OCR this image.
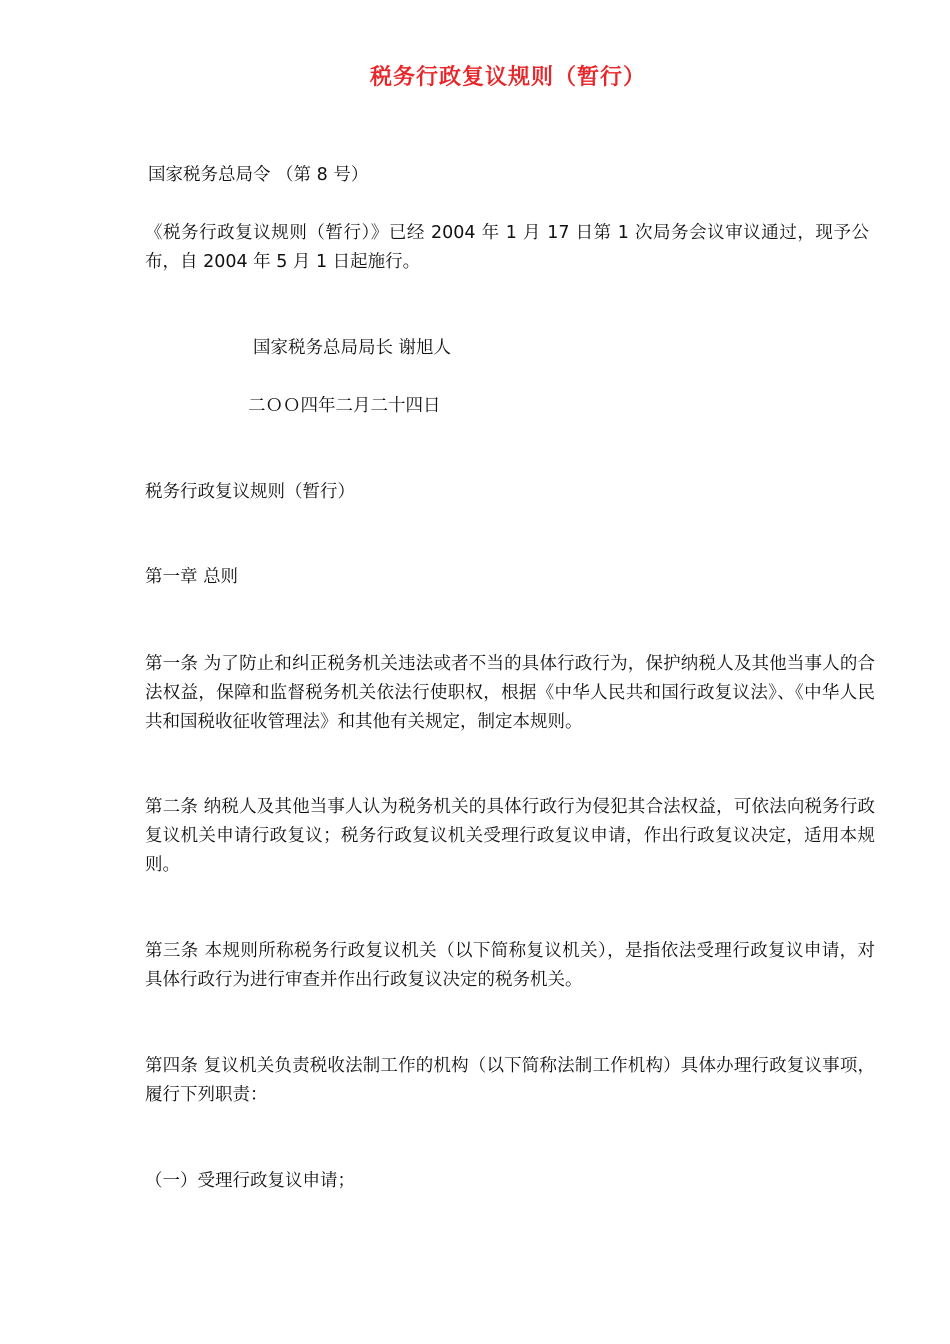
税务行政复议规则（暂行）
国家税务总局令 （第 8 号）
《税务行政复议规则（暂行）》已经 2004 年 1 月 17 日第 1 次局务会议审议通过，现予公布，自 2004 年 5 月 1 日起施行。
国家税务总局局长 谢旭人
二ＯＯ四年二月二十四日
税务行政复议规则（暂行）
第一章 总则
第一条 为了防止和纠正税务机关违法或者不当的具体行政行为，保护纳税人及其他当事人的合法权益，保障和监督税务机关依法行使职权，根据《中华人民共和国行政复议法》、《中华人民共和国税收征收管理法》和其他有关规定，制定本规则。
第二条 纳税人及其他当事人认为税务机关的具体行政行为侵犯其合法权益，可依法向税务行政复议机关申请行政复议；税务行政复议机关受理行政复议申请，作出行政复议决定，适用本规则。
第三条 本规则所称税务行政复议机关（以下简称复议机关），是指依法受理行政复议申请，对具体行政行为进行审查并作出行政复议决定的税务机关。
第四条 复议机关负责税收法制工作的机构（以下简称法制工作机构）具体办理行政复议事项，履行下列职责：
（一）受理行政复议申请；
